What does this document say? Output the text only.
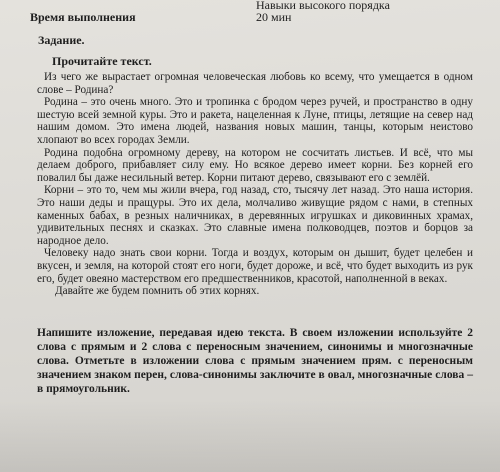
Время выполнения
Навыки высокого порядка
20 мин
Задание.
Прочитайте текст.

Из чего же вырастает огромная человеческая любовь ко всему, что умещается в одном слове – Родина?

Родина – это очень много. Это и тропинка с бродом через ручей, и пространство в одну шестую всей земной куры. Это и ракета, нацеленная к Луне, птицы, летящие на север над нашим домом. Это имена людей, названия новых машин, танцы, которым неистово хлопают во всех городах Земли.

Родина подобна огромному дереву, на котором не сосчитать листьев. И всё, что мы делаем доброго, прибавляет силу ему. Но всякое дерево имеет корни. Без корней его повалил бы даже несильный ветер. Корни питают дерево, связывают его с землёй.

Корни – это то, чем мы жили вчера, год назад, сто, тысячу лет назад. Это наша история. Это наши деды и пращуры. Это их дела, молчаливо живущие рядом с нами, в степных каменных бабах, в резных наличниках, в деревянных игрушках и диковинных храмах, удивительных песнях и сказках. Это славные имена полководцев, поэтов и борцов за народное дело.

Человеку надо знать свои корни. Тогда и воздух, которым он дышит, будет целебен и вкусен, и земля, на которой стоят его ноги, будет дороже, и всё, что будет выходить из рук его, будет овеяно мастерством его предшественников, красотой, наполненной в веках.

Давайте же будем помнить об этих корнях.

Напишите изложение, передавая идею текста. В своем изложении используйте 2 слова с прямым и 2 слова с переносным значением, синонимы и многозначные слова. Отметьте в изложении слова с прямым значением прям. с переносным значением знаком перен, слова-синонимы заключите в овал, многозначные слова – в прямоугольник.
